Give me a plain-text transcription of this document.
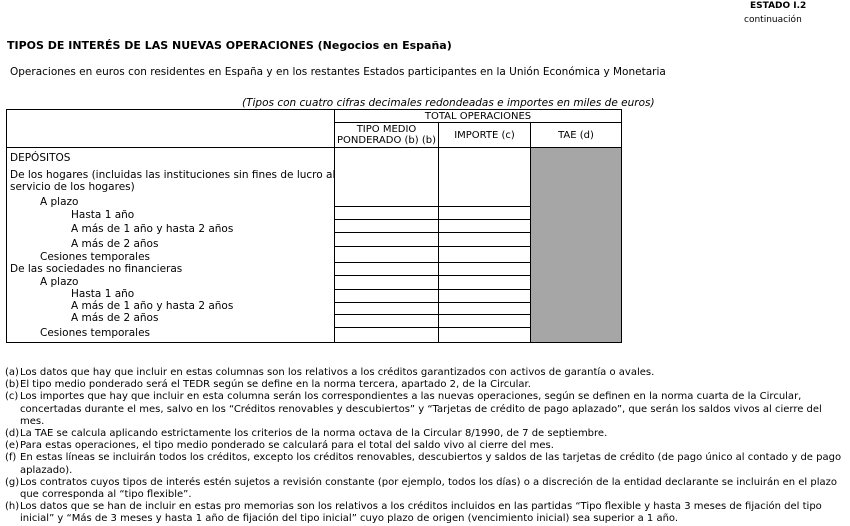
ESTADO I.2
continuación
TIPOS DE INTERÉS DE LAS NUEVAS OPERACIONES (Negocios en España)
Operaciones en euros con residentes en España y en los restantes Estados participantes en la Unión Económica y Monetaria
(Tipos con cuatro cifras decimales redondeadas e importes en miles de euros)
	TOTAL OPERACIONES		
	TIPO MEDIO PONDERADO (b) (b)	IMPORTE (c)	TAE (d)

DEPÓSITOS
De los hogares (incluidas las instituciones sin fines de lucro al servicio de los hogares)
A plazo
Hasta 1 año
A más de 1 año y hasta 2 años
A más de 2 años
Cesiones temporales
De las sociedades no financieras
A plazo
Hasta 1 año
A más de 1 año y hasta 2 años
A más de 2 años
Cesiones temporales
(a) Los datos que hay que incluir en estas columnas son los relativos a los créditos garantizados con activos de garantía o avales.
(b) El tipo medio ponderado será el TEDR según se define en la norma tercera, apartado 2, de la Circular.
(c) Los importes que hay que incluir en esta columna serán los correspondientes a las nuevas operaciones, según se definen en la norma cuarta de la Circular, concertadas durante el mes, salvo en los “Créditos renovables y descubiertos” y “Tarjetas de crédito de pago aplazado”, que serán los saldos vivos al cierre del mes.
(d) La TAE se calcula aplicando estrictamente los criterios de la norma octava de la Circular 8/1990, de 7 de septiembre.
(e) Para estas operaciones, el tipo medio ponderado se calculará para el total del saldo vivo al cierre del mes.
(f) En estas líneas se incluirán todos los créditos, excepto los créditos renovables, descubiertos y saldos de las tarjetas de crédito (de pago único al contado y de pago aplazado).
(g) Los contratos cuyos tipos de interés estén sujetos a revisión constante (por ejemplo, todos los días) o a discreción de la entidad declarante se incluirán en el plazo que corresponda al “tipo flexible”.
(h) Los datos que se han de incluir en estas pro memorias son los relativos a los créditos incluidos en las partidas “Tipo flexible y hasta 3 meses de fijación del tipo inicial” y “Más de 3 meses y hasta 1 año de fijación del tipo inicial” cuyo plazo de origen (vencimiento inicial) sea superior a 1 año.
